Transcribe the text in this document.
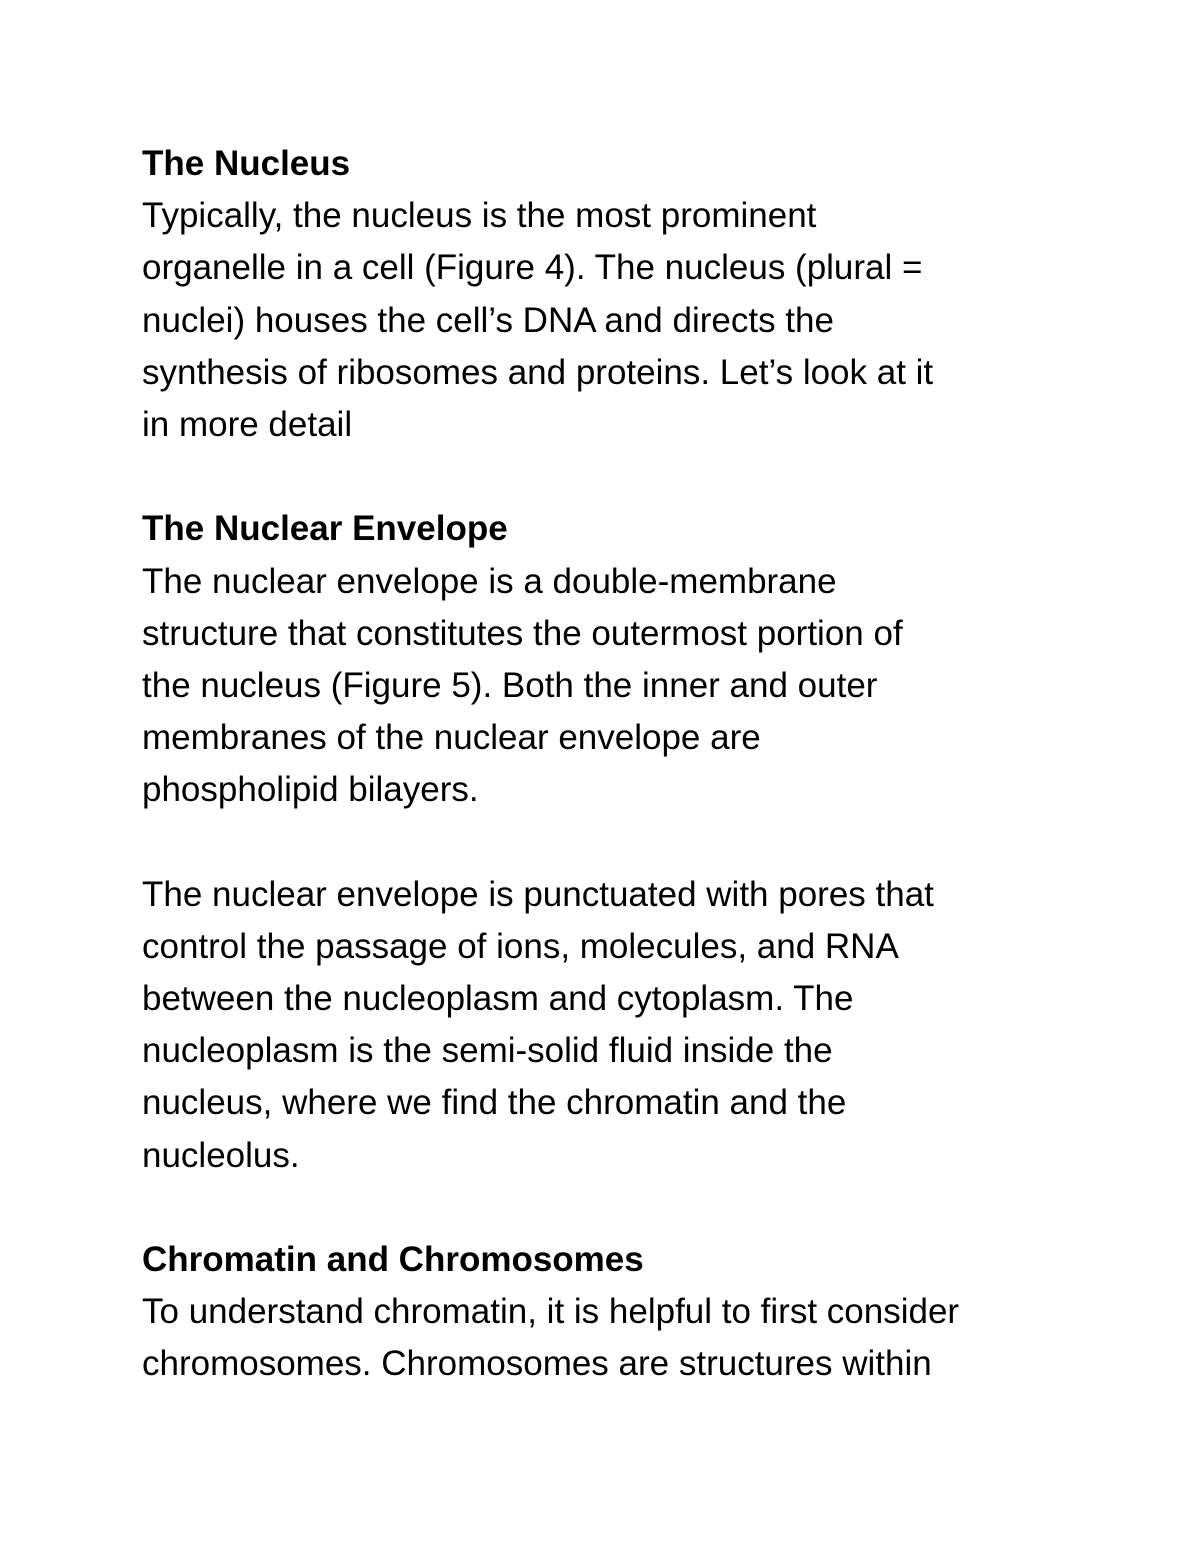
The Nucleus
Typically, the nucleus is the most prominent
organelle in a cell (Figure 4). The nucleus (plural =
nuclei) houses the cell’s DNA and directs the
synthesis of ribosomes and proteins. Let’s look at it
in more detail
The Nuclear Envelope
The nuclear envelope is a double-membrane
structure that constitutes the outermost portion of
the nucleus (Figure 5). Both the inner and outer
membranes of the nuclear envelope are
phospholipid bilayers.
The nuclear envelope is punctuated with pores that
control the passage of ions, molecules, and RNA
between the nucleoplasm and cytoplasm. The
nucleoplasm is the semi-solid fluid inside the
nucleus, where we find the chromatin and the
nucleolus.
Chromatin and Chromosomes
To understand chromatin, it is helpful to first consider
chromosomes. Chromosomes are structures within
